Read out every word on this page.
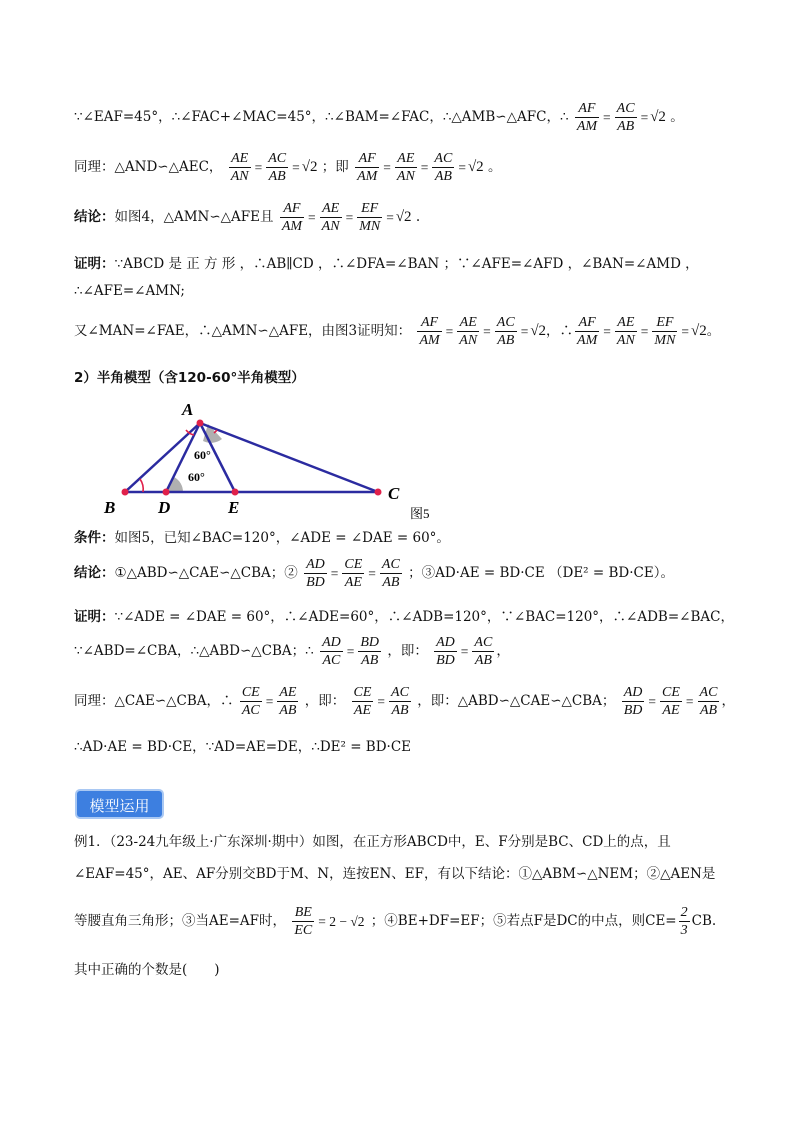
∵∠EAF=45°，∴∠FAC+∠MAC=45°，∴∠BAM=∠FAC，∴△AMB∽△AFC，∴ $\frac{AF}{AM} = \frac{AC}{AB} = √2$ 。
同理：△AND∽△AEC， $\frac{AE}{AN} = \frac{AC}{AB} = √2$ ；即 $\frac{AF}{AM} = \frac{AE}{AN} = \frac{AC}{AB} = √2$ 。
结论：如图4，△AMN∽△AFE且 $\frac{AF}{AM} = \frac{AE}{AN} = \frac{EF}{MN} = √2$ .
证明：∵ABCD 是 正 方 形 ，∴AB∥CD ，∴∠DFA=∠BAN ；∵∠AFE=∠AFD ，∠BAN=∠AMD ，
∴∠AFE=∠AMN;
又∠MAN=∠FAE，∴△AMN∽△AFE，由图3证明知： $\frac{AF}{AM} = \frac{AE}{AN} = \frac{AC}{AB} = √2$，∴ $\frac{AF}{AM} = \frac{AE}{AN} = \frac{EF}{MN} = √2$。
2）半角模型（含120-60°半角模型）
A
B	D	E
C
60°
60°
图5
条件：如图5，已知∠BAC=120°，∠ADE = ∠DAE = 60°。
结论：①△ABD∽△CAE∽△CBA；② $\frac{AD}{BD} = \frac{CE}{AE} = \frac{AC}{AB}$ ；③AD·AE = BD·CE （DE² = BD·CE）。
证明：∵∠ADE = ∠DAE = 60°，∴∠ADE=60°，∴∠ADB=120°，∵∠BAC=120°，∴∠ADB=∠BAC，
∵∠ABD=∠CBA，∴△ABD∽△CBA；∴ $\frac{AD}{AC} = \frac{BD}{AB}$ ，即： $\frac{AD}{BD} = \frac{AC}{AB}$ ，
同理：△CAE∽△CBA，∴ $\frac{CE}{AC} = \frac{AE}{AB}$ ，即： $\frac{CE}{AE} = \frac{AC}{AB}$ ，即：△ABD∽△CAE∽△CBA； $\frac{AD}{BD} = \frac{CE}{AE} = \frac{AC}{AB}$ ，
∴AD·AE = BD·CE，∵AD=AE=DE，∴DE² = BD·CE
模型运用
例1．（23-24九年级上·广东深圳·期中）如图，在正方形ABCD中，E、F分别是BC、CD上的点，且
∠EAF=45°，AE、AF分别交BD于M、N，连按EN、EF，有以下结论：①△ABM∽△NEM；②△AEN是
等腰直角三角形；③当AE=AF时， $\frac{BE}{EC} = 2 - √2$ ；④BE+DF=EF；⑤若点F是DC的中点，则$CE= \frac{2}{3}$ CB.
其中正确的个数是(　　)
